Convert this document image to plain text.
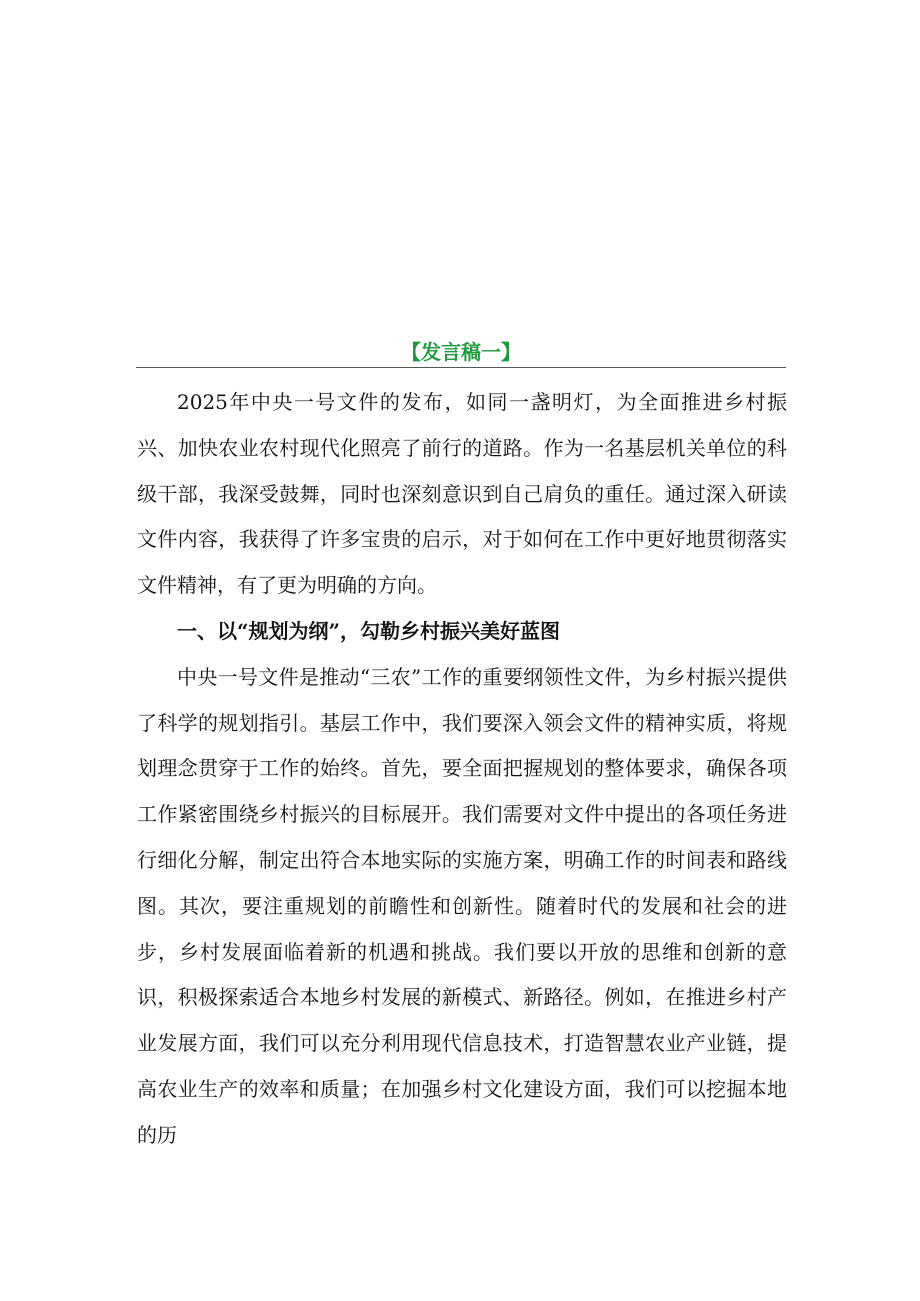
【发言稿一】

2025年中央一号文件的发布，如同一盏明灯，为全面推进乡村振兴、加快农业农村现代化照亮了前行的道路。作为一名基层机关单位的科级干部，我深受鼓舞，同时也深刻意识到自己肩负的重任。通过深入研读文件内容，我获得了许多宝贵的启示，对于如何在工作中更好地贯彻落实文件精神，有了更为明确的方向。

一、以“规划为纲”，勾勒乡村振兴美好蓝图

中央一号文件是推动“三农”工作的重要纲领性文件，为乡村振兴提供了科学的规划指引。基层工作中，我们要深入领会文件的精神实质，将规划理念贯穿于工作的始终。首先，要全面把握规划的整体要求，确保各项工作紧密围绕乡村振兴的目标展开。我们需要对文件中提出的各项任务进行细化分解，制定出符合本地实际的实施方案，明确工作的时间表和路线图。其次，要注重规划的前瞻性和创新性。随着时代的发展和社会的进步，乡村发展面临着新的机遇和挑战。我们要以开放的思维和创新的意识，积极探索适合本地乡村发展的新模式、新路径。例如，在推进乡村产业发展方面，我们可以充分利用现代信息技术，打造智慧农业产业链，提高农业生产的效率和质量；在加强乡村文化建设方面，我们可以挖掘本地的历
